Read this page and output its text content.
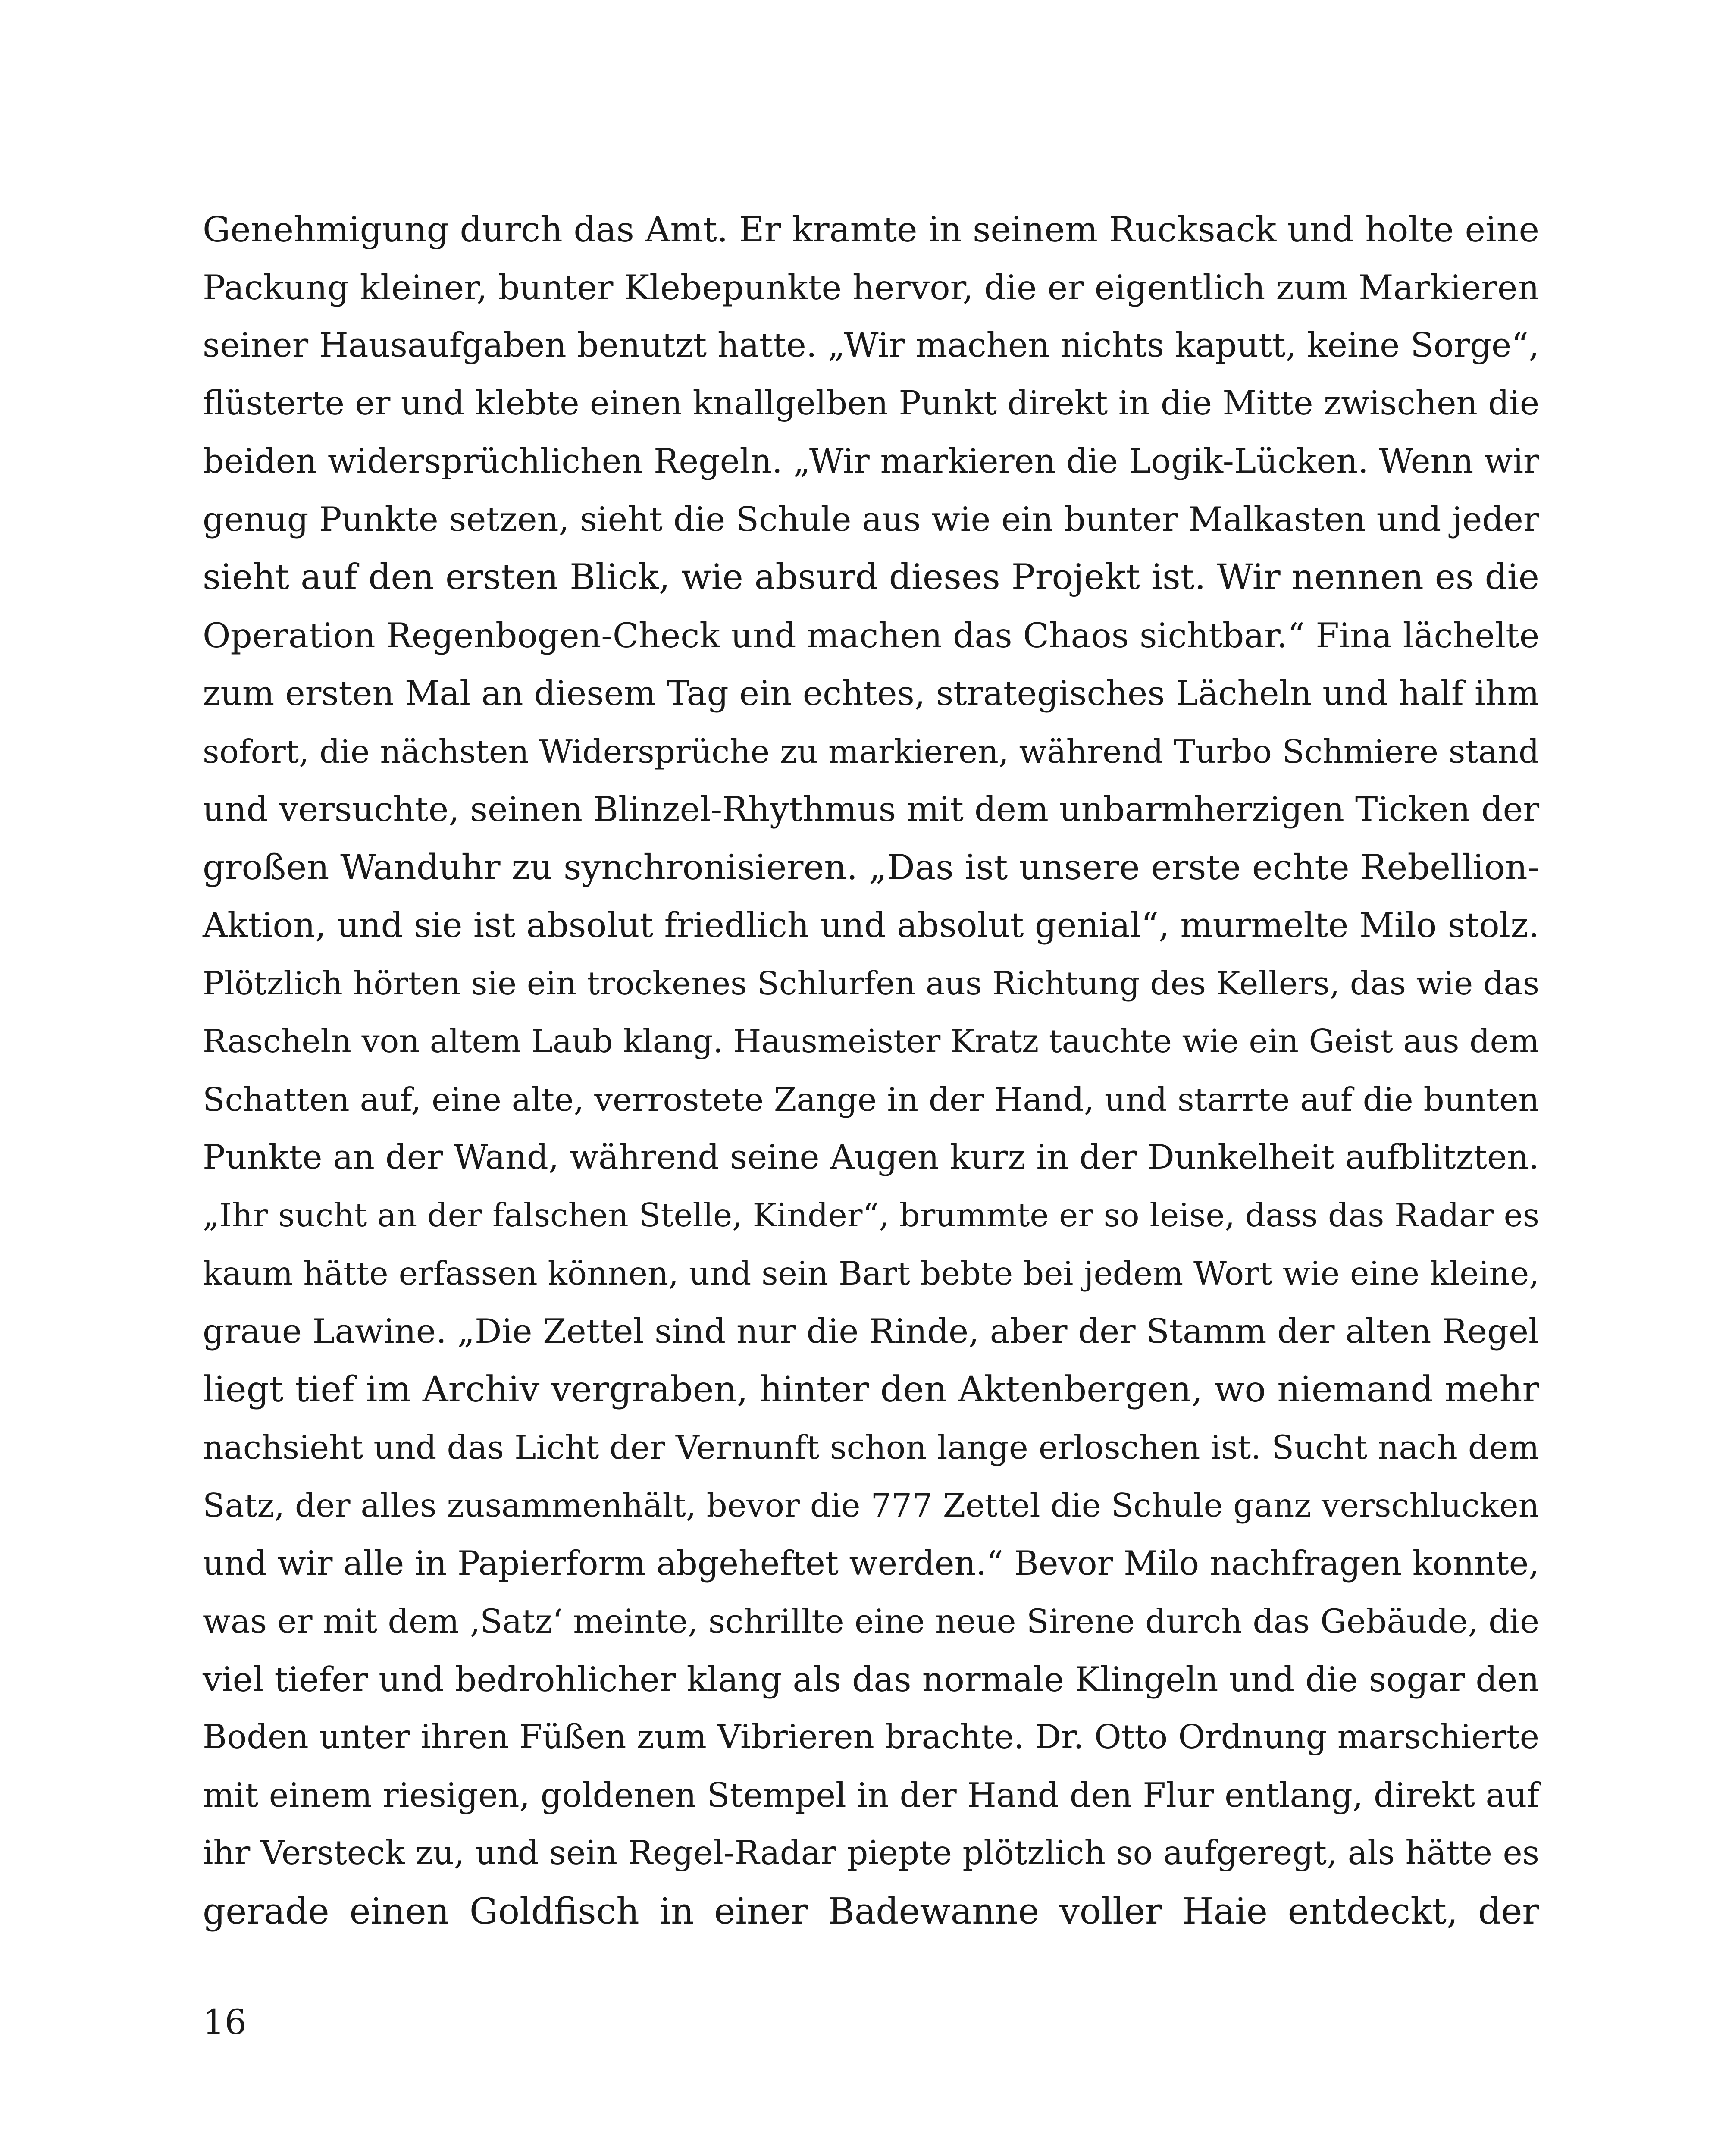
Genehmigung durch das Amt. Er kramte in seinem Rucksack und holte eine
Packung kleiner, bunter Klebepunkte hervor, die er eigentlich zum Markieren
seiner Hausaufgaben benutzt hatte. „Wir machen nichts kaputt, keine Sorge“,
flüsterte er und klebte einen knallgelben Punkt direkt in die Mitte zwischen die
beiden widersprüchlichen Regeln. „Wir markieren die Logik-Lücken. Wenn wir
genug Punkte setzen, sieht die Schule aus wie ein bunter Malkasten und jeder
sieht auf den ersten Blick, wie absurd dieses Projekt ist. Wir nennen es die
Operation Regenbogen-Check und machen das Chaos sichtbar.“ Fina lächelte
zum ersten Mal an diesem Tag ein echtes, strategisches Lächeln und half ihm
sofort, die nächsten Widersprüche zu markieren, während Turbo Schmiere stand
und versuchte, seinen Blinzel-Rhythmus mit dem unbarmherzigen Ticken der
großen Wanduhr zu synchronisieren. „Das ist unsere erste echte Rebellion-
Aktion, und sie ist absolut friedlich und absolut genial“, murmelte Milo stolz.
Plötzlich hörten sie ein trockenes Schlurfen aus Richtung des Kellers, das wie das
Rascheln von altem Laub klang. Hausmeister Kratz tauchte wie ein Geist aus dem
Schatten auf, eine alte, verrostete Zange in der Hand, und starrte auf die bunten
Punkte an der Wand, während seine Augen kurz in der Dunkelheit aufblitzten.
„Ihr sucht an der falschen Stelle, Kinder“, brummte er so leise, dass das Radar es
kaum hätte erfassen können, und sein Bart bebte bei jedem Wort wie eine kleine,
graue Lawine. „Die Zettel sind nur die Rinde, aber der Stamm der alten Regel
liegt tief im Archiv vergraben, hinter den Aktenbergen, wo niemand mehr
nachsieht und das Licht der Vernunft schon lange erloschen ist. Sucht nach dem
Satz, der alles zusammenhält, bevor die 777 Zettel die Schule ganz verschlucken
und wir alle in Papierform abgeheftet werden.“ Bevor Milo nachfragen konnte,
was er mit dem ‚Satz‘ meinte, schrillte eine neue Sirene durch das Gebäude, die
viel tiefer und bedrohlicher klang als das normale Klingeln und die sogar den
Boden unter ihren Füßen zum Vibrieren brachte. Dr. Otto Ordnung marschierte
mit einem riesigen, goldenen Stempel in der Hand den Flur entlang, direkt auf
ihr Versteck zu, und sein Regel-Radar piepte plötzlich so aufgeregt, als hätte es
gerade einen Goldfisch in einer Badewanne voller Haie entdeckt, der
16
